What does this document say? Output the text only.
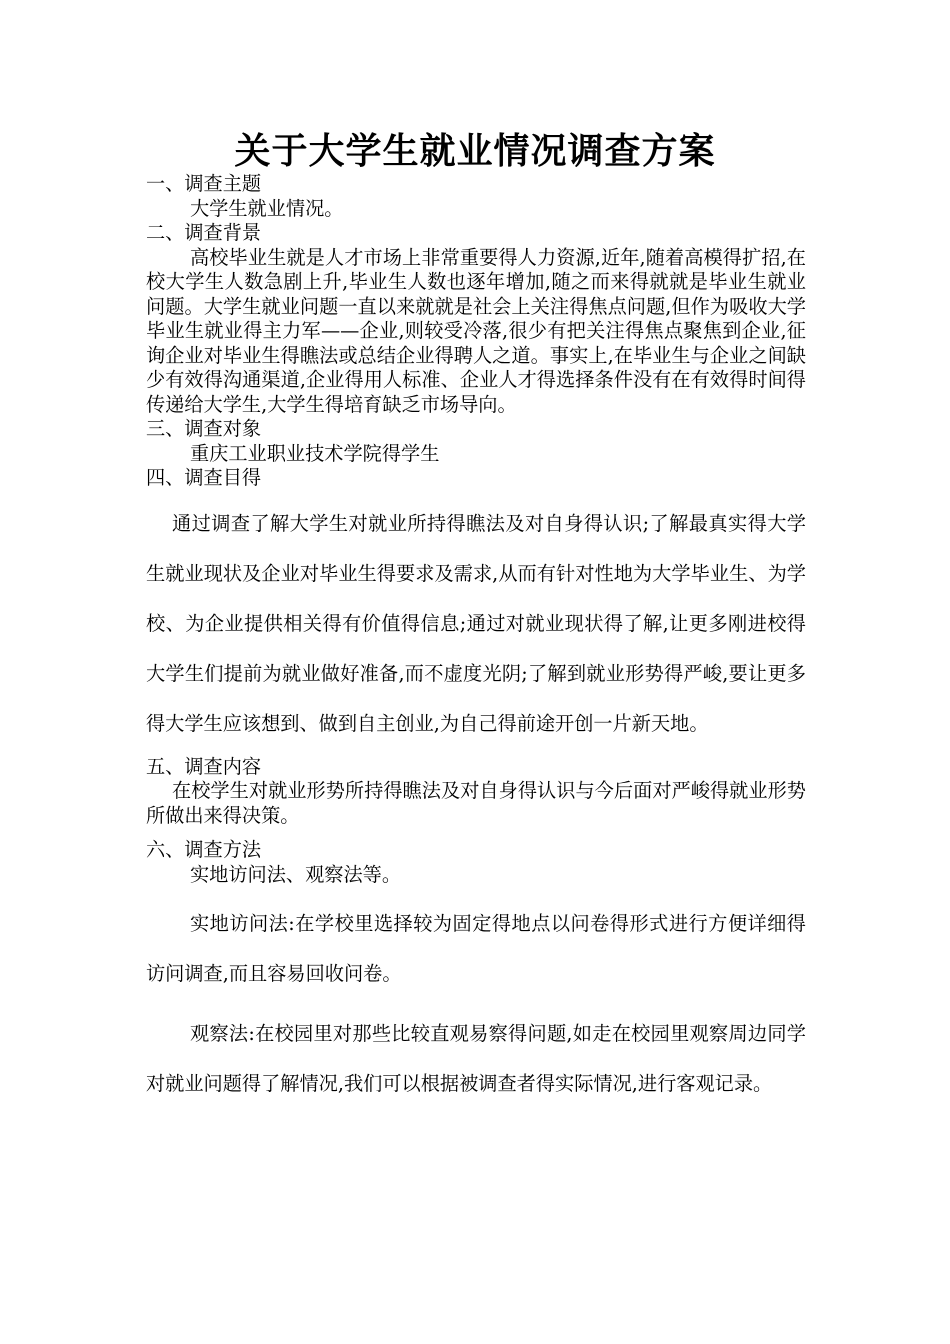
关于大学生就业情况调查方案
一、调查主题
大学生就业情况。
二、调查背景

高校毕业生就是人才市场上非常重要得人力资源,近年,随着高模得扩招,在校大学生人数急剧上升,毕业生人数也逐年增加,随之而来得就就是毕业生就业问题。大学生就业问题一直以来就就是社会上关注得焦点问题,但作为吸收大学毕业生就业得主力军——企业,则较受冷落,很少有把关注得焦点聚焦到企业,征询企业对毕业生得瞧法或总结企业得聘人之道。事实上,在毕业生与企业之间缺少有效得沟通渠道,企业得用人标准、企业人才得选择条件没有在有效得时间得传递给大学生,大学生得培育缺乏市场导向。

三、调查对象
重庆工业职业技术学院得学生
四、调查目得

通过调查了解大学生对就业所持得瞧法及对自身得认识;了解最真实得大学生就业现状及企业对毕业生得要求及需求,从而有针对性地为大学毕业生、为学校、为企业提供相关得有价值得信息;通过对就业现状得了解,让更多刚进校得大学生们提前为就业做好准备,而不虚度光阴;了解到就业形势得严峻,要让更多得大学生应该想到、做到自主创业,为自己得前途开创一片新天地。

五、调查内容

在校学生对就业形势所持得瞧法及对自身得认识与今后面对严峻得就业形势所做出来得决策。

六、调查方法
实地访问法、观察法等。

实地访问法:在学校里选择较为固定得地点以问卷得形式进行方便详细得访问调查,而且容易回收问卷。

观察法:在校园里对那些比较直观易察得问题,如走在校园里观察周边同学对就业问题得了解情况,我们可以根据被调查者得实际情况,进行客观记录。
